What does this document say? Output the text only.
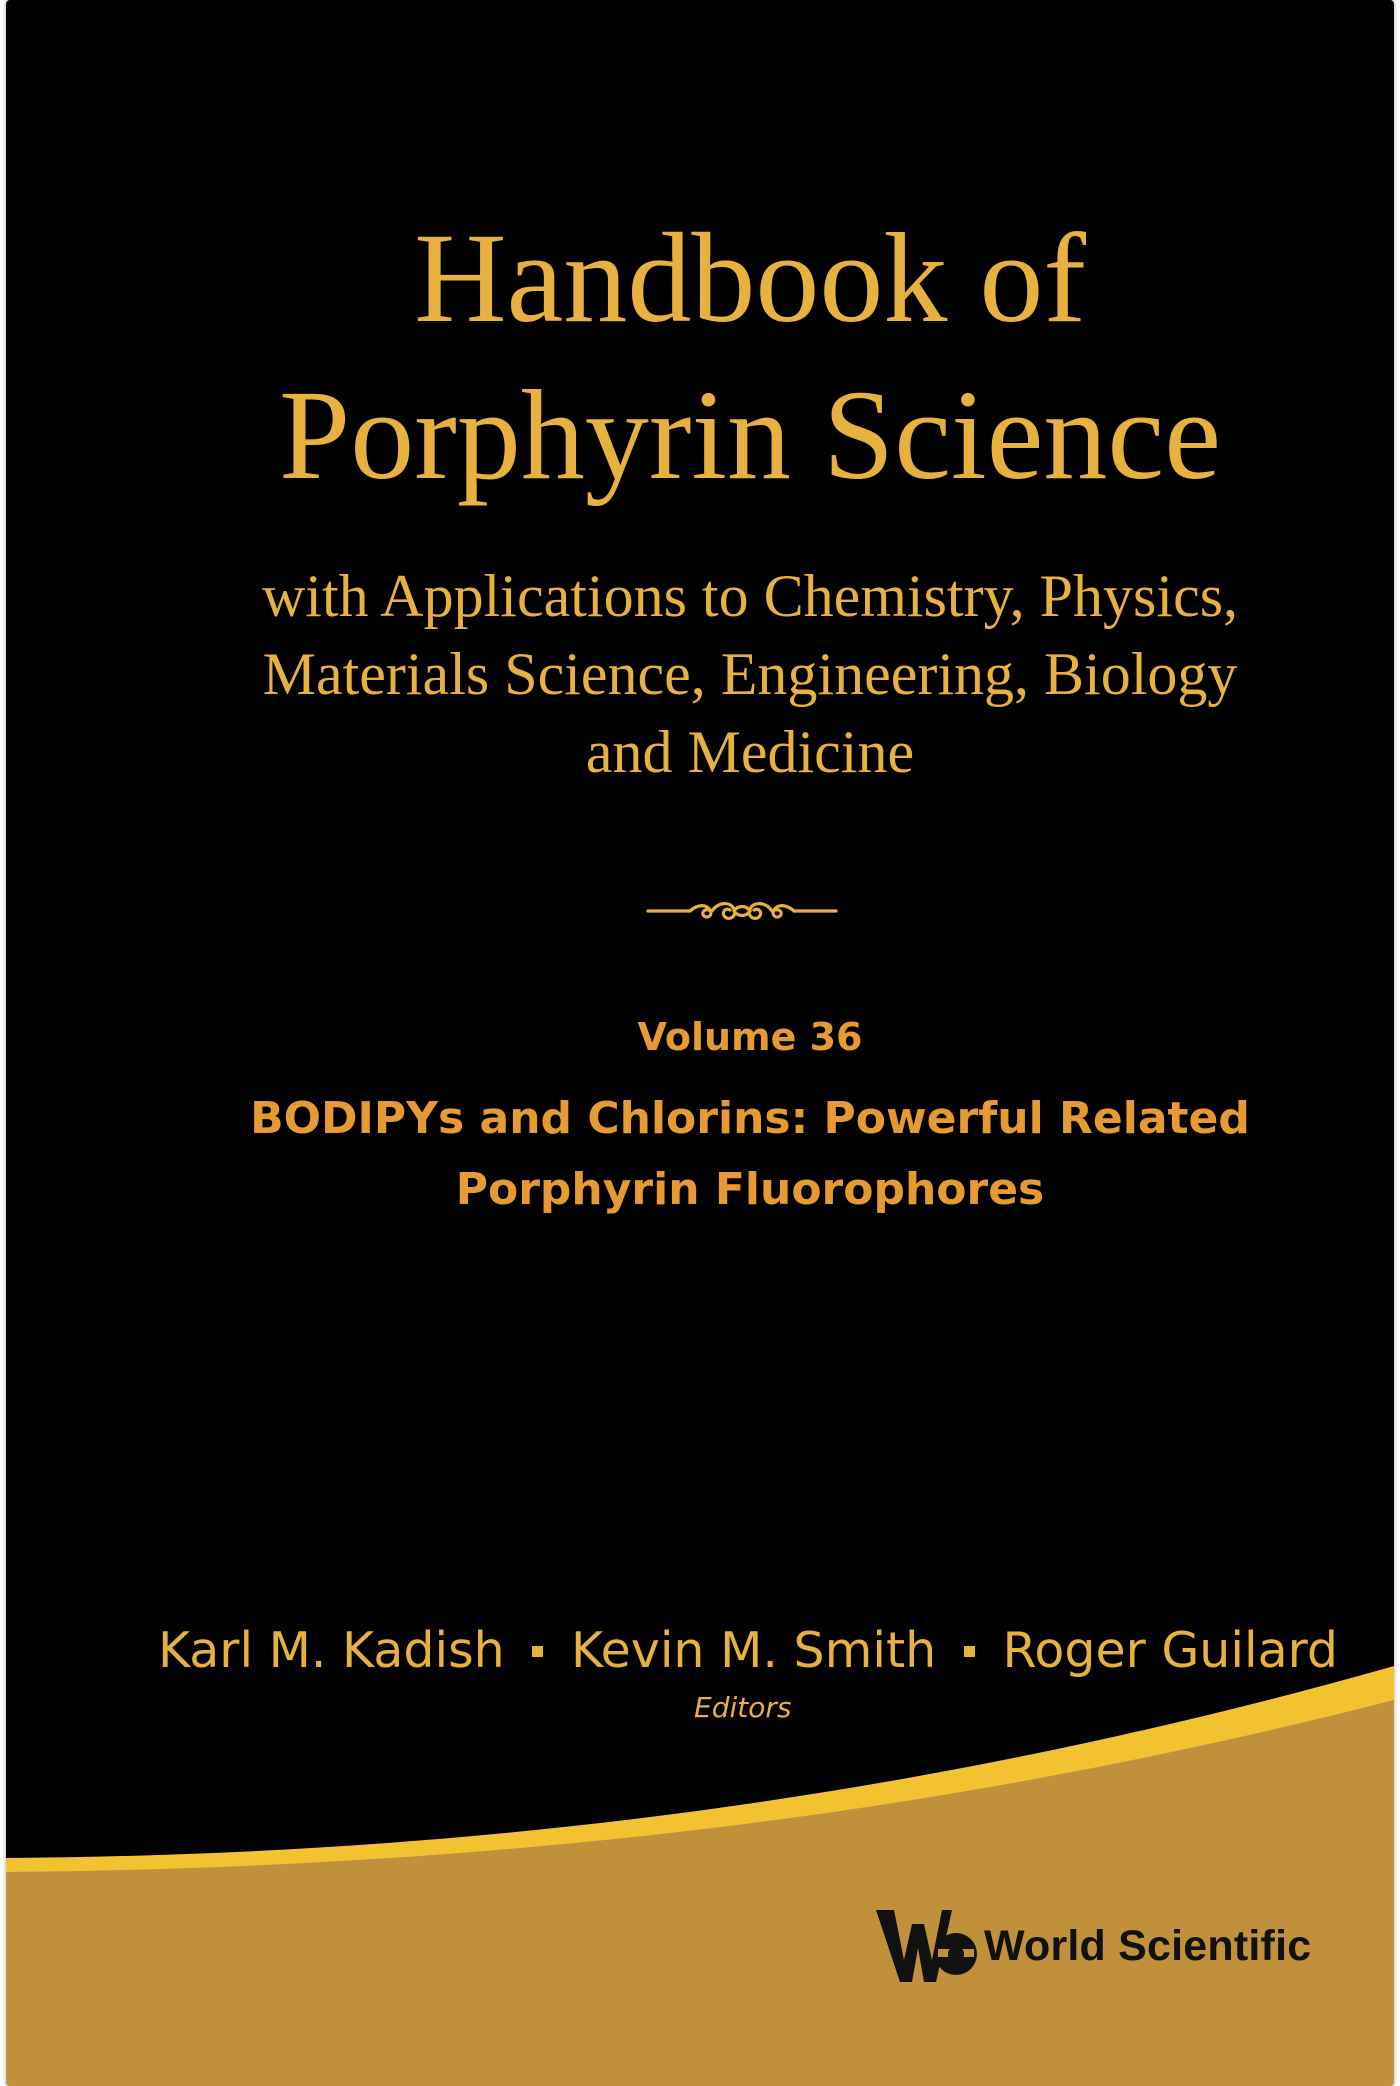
Handbook of
Porphyrin Science
with Applications to Chemistry, Physics,
Materials Science, Engineering, Biology
and Medicine
Volume 36
BODIPYs and Chlorins: Powerful Related
Porphyrin Fluorophores
Karl M. Kadish Kevin M. Smith Roger Guilard
Editors
World Scientific
